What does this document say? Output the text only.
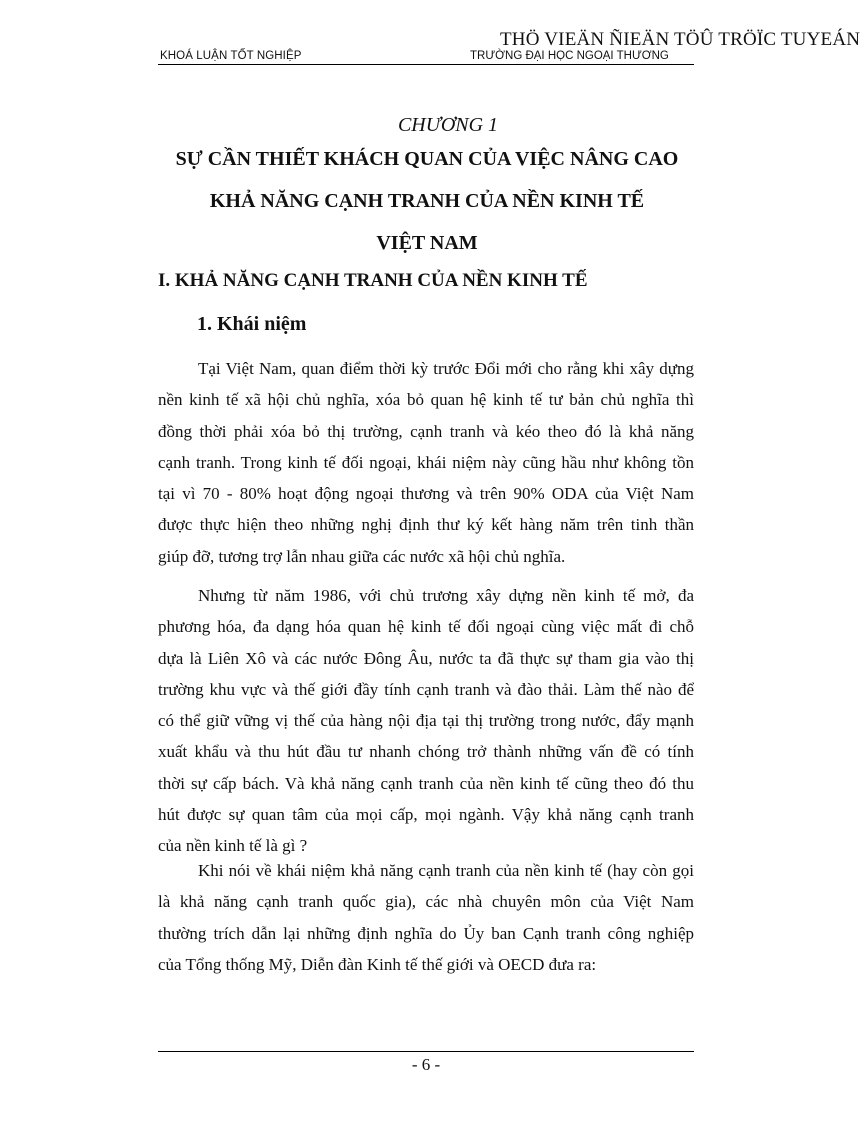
THÖ VIEÄN ÑIEÄN TÖÛ TRÖÏC TUYEÁN
KHOÁ LUẬN TỐT NGHIỆP	TRƯỜNG ĐẠI HỌC NGOẠI THƯƠNG
CHƯƠNG 1
SỰ CẦN THIẾT KHÁCH QUAN CỦA VIỆC NÂNG CAO
KHẢ NĂNG CẠNH TRANH CỦA NỀN KINH TẾ
VIỆT NAM
I. KHẢ NĂNG CẠNH TRANH CỦA NỀN KINH TẾ
1. Khái niệm
Tại Việt Nam, quan điểm thời kỳ trước Đổi mới cho rằng khi xây dựng
nền kinh tế xã hội chủ nghĩa, xóa bỏ quan hệ kinh tế tư bản chủ nghĩa thì
đồng thời phải xóa bỏ thị trường, cạnh tranh và kéo theo đó là khả năng
cạnh tranh. Trong kinh tế đối ngoại, khái niệm này cũng hầu như không tồn
tại vì 70 - 80% hoạt động ngoại thương và trên 90% ODA của Việt Nam
được thực hiện theo những nghị định thư ký kết hàng năm trên tinh thần
giúp đỡ, tương trợ lẫn nhau giữa các nước xã hội chủ nghĩa.
Nhưng từ năm 1986, với chủ trương xây dựng nền kinh tế mở, đa
phương hóa, đa dạng hóa quan hệ kinh tế đối ngoại cùng việc mất đi chỗ
dựa là Liên Xô và các nước Đông Âu, nước ta đã thực sự tham gia vào thị
trường khu vực và thế giới đầy tính cạnh tranh và đào thải. Làm thế nào để
có thể giữ vững vị thế của hàng nội địa tại thị trường trong nước, đẩy mạnh
xuất khẩu và thu hút đầu tư nhanh chóng trở thành những vấn đề có tính
thời sự cấp bách. Và khả năng cạnh tranh của nền kinh tế cũng theo đó thu
hút được sự quan tâm của mọi cấp, mọi ngành. Vậy khả năng cạnh tranh
của nền kinh tế là gì ?
Khi nói về khái niệm khả năng cạnh tranh của nền kinh tế (hay còn gọi
là khả năng cạnh tranh quốc gia), các nhà chuyên môn của Việt Nam
thường trích dẫn lại những định nghĩa do Ủy ban Cạnh tranh công nghiệp
của Tổng thống Mỹ, Diễn đàn Kinh tế thế giới và OECD đưa ra:
- 6 -
